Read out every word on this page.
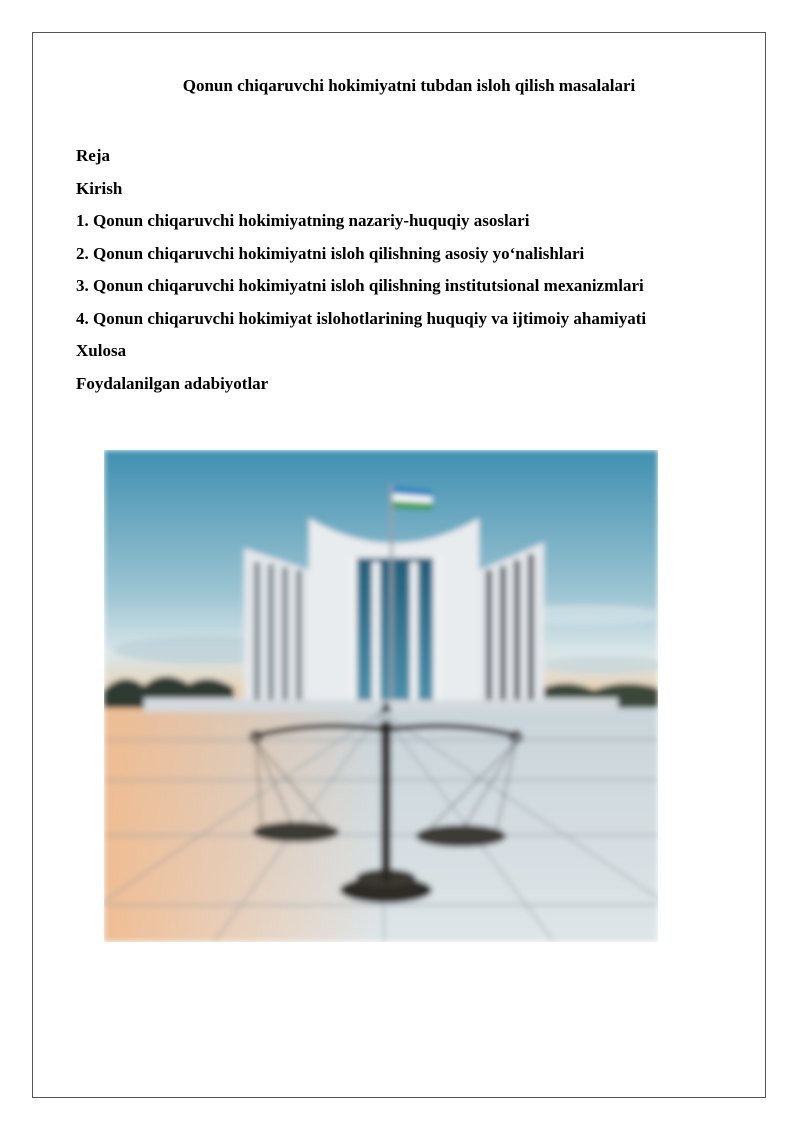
Qonun chiqaruvchi hokimiyatni tubdan isloh qilish masalalari
Reja
Kirish
1. Qonun chiqaruvchi hokimiyatning nazariy-huquqiy asoslari
2. Qonun chiqaruvchi hokimiyatni isloh qilishning asosiy yo‘nalishlari
3. Qonun chiqaruvchi hokimiyatni isloh qilishning institutsional mexanizmlari
4. Qonun chiqaruvchi hokimiyat islohotlarining huquqiy va ijtimoiy ahamiyati
Xulosa
Foydalanilgan adabiyotlar
